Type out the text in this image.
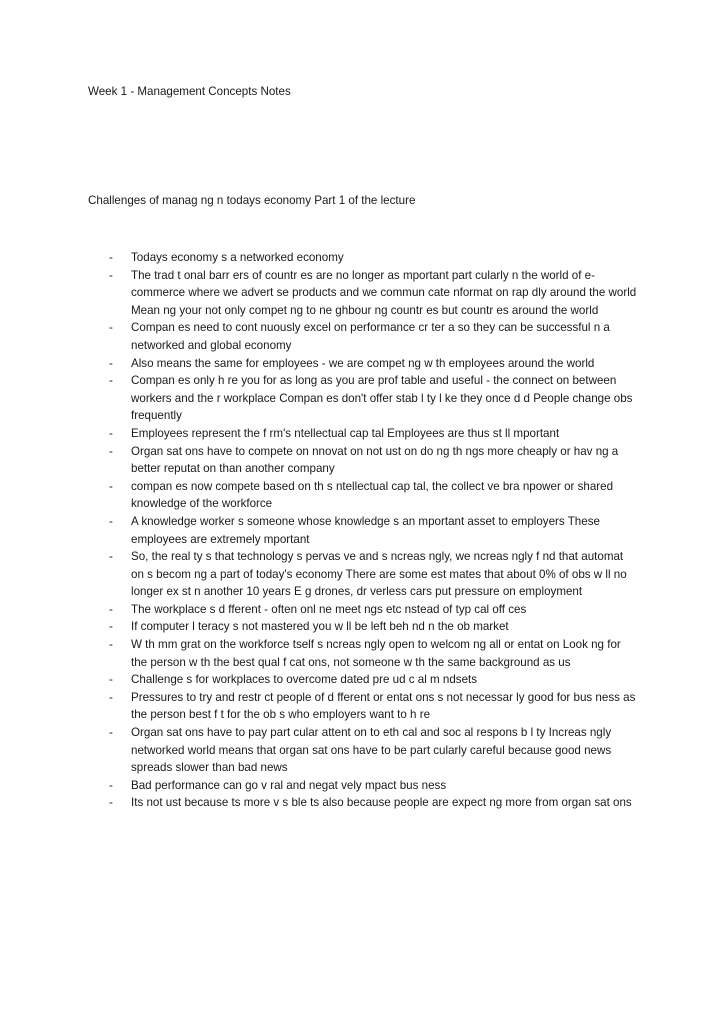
Week 1 - Management Concepts Notes
Challenges of manag ng n todays economy Part 1 of the lecture
- Todays economy s a networked economy
- The trad t onal barr ers of countr es are no longer as mportant part cularly n the world of e-commerce where we advert se products and we commun cate nformat on rap dly around the world Mean ng your not only compet ng to ne ghbour ng countr es but countr es around the world
- Compan es need to cont nuously excel on performance cr ter a so they can be successful n a networked and global economy
- Also means the same for employees - we are compet ng w th employees around the world
- Compan es only h re you for as long as you are prof table and useful - the connect on between workers and the r workplace Compan es don't offer stab l ty l ke they once d d People change obs frequently
- Employees represent the f rm's ntellectual cap tal Employees are thus st ll mportant
- Organ sat ons have to compete on nnovat on not ust on do ng th ngs more cheaply or hav ng a better reputat on than another company
- compan es now compete based on th s ntellectual cap tal, the collect ve bra npower or shared knowledge of the workforce
- A knowledge worker s someone whose knowledge s an mportant asset to employers These employees are extremely mportant
- So, the real ty s that technology s pervas ve and s ncreas ngly, we ncreas ngly f nd that automat on s becom ng a part of today's economy There are some est mates that about 0% of obs w ll no longer ex st n another 10 years E g drones, dr verless cars put pressure on employment
- The workplace s d fferent - often onl ne meet ngs etc nstead of typ cal off ces
- If computer l teracy s not mastered you w ll be left beh nd n the ob market
- W th mm grat on the workforce tself s ncreas ngly open to welcom ng all or entat on Look ng for the person w th the best qual f cat ons, not someone w th the same background as us
- Challenge s for workplaces to overcome dated pre ud c al m ndsets
- Pressures to try and restr ct people of d fferent or entat ons s not necessar ly good for bus ness as the person best f t for the ob s who employers want to h re
- Organ sat ons have to pay part cular attent on to eth cal and soc al respons b l ty Increas ngly networked world means that organ sat ons have to be part cularly careful because good news spreads slower than bad news
- Bad performance can go v ral and negat vely mpact bus ness
- Its not ust because ts more v s ble ts also because people are expect ng more from organ sat ons
